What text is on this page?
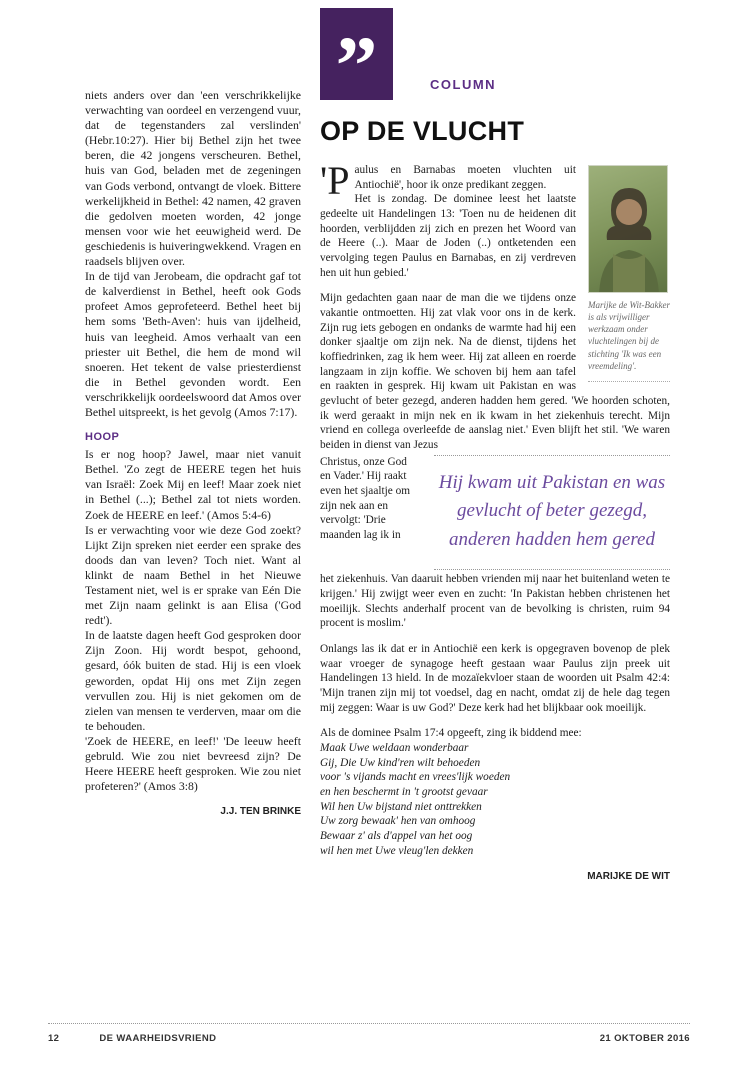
niets anders over dan 'een verschrikkelijke verwachting van oordeel en verzengend vuur, dat de tegenstanders zal verslinden' (Hebr.10:27). Hier bij Bethel zijn het twee beren, die 42 jongens verscheuren. Bethel, huis van God, beladen met de zegeningen van Gods verbond, ontvangt de vloek. Bittere werkelijkheid in Bethel: 42 namen, 42 graven die gedolven moeten worden, 42 jonge mensen voor wie het eeuwigheid werd. De geschiedenis is huiveringwekkend. Vragen en raadsels blijven over.

In de tijd van Jerobeam, die opdracht gaf tot de kalverdienst in Bethel, heeft ook Gods profeet Amos geprofeteerd. Bethel heet bij hem soms 'Beth-Aven': huis van ijdelheid, huis van leegheid. Amos verhaalt van een priester uit Bethel, die hem de mond wil snoeren. Het tekent de valse priesterdienst die in Bethel gevonden wordt. Een verschrikkelijk oordeelswoord dat Amos over Bethel uitspreekt, is het gevolg (Amos 7:17).

HOOP

Is er nog hoop? Jawel, maar niet vanuit Bethel. 'Zo zegt de HEERE tegen het huis van Israël: Zoek Mij en leef! Maar zoek niet in Bethel (...); Bethel zal tot niets worden. Zoek de HEERE en leef.' (Amos 5:4-6)

Is er verwachting voor wie deze God zoekt? Lijkt Zijn spreken niet eerder een sprake des doods dan van leven? Toch niet. Want al klinkt de naam Bethel in het Nieuwe Testament niet, wel is er sprake van Eén Die met Zijn naam gelinkt is aan Elisa ('God redt').

In de laatste dagen heeft God gesproken door Zijn Zoon. Hij wordt bespot, gehoond, gesard, óók buiten de stad. Hij is een vloek geworden, opdat Hij ons met Zijn zegen vervullen zou. Hij is niet gekomen om de zielen van mensen te verderven, maar om die te behouden.

'Zoek de HEERE, en leef!' 'De leeuw heeft gebruld. Wie zou niet bevreesd zijn? De Heere HEERE heeft gesproken. Wie zou niet profeteren?' (Amos 3:8)

J.J. TEN BRINKE
”	COLUMN
OP DE VLUCHT
Marijke de Wit-Bakker is als vrijwilliger werkzaam onder vluchtelingen bij de stichting 'Ik was een vreemdeling'.

'Paulus en Barnabas moeten vluchten uit Antiochië', hoor ik onze predikant zeggen.

Het is zondag. De dominee leest het laatste gedeelte uit Handelingen 13: 'Toen nu de heidenen dit hoorden, verblijdden zij zich en prezen het Woord van de Heere (..). Maar de Joden (..) ontketenden een vervolging tegen Paulus en Barnabas, en zij verdreven hen uit hun gebied.'

Mijn gedachten gaan naar de man die we tijdens onze vakantie ontmoetten. Hij zat vlak voor ons in de kerk. Zijn rug iets gebogen en ondanks de warmte had hij een donker sjaaltje om zijn nek. Na de dienst, tijdens het koffiedrinken, zag ik hem weer. Hij zat alleen en roerde langzaam in zijn koffie. We schoven bij hem aan tafel en raakten in gesprek. Hij kwam uit Pakistan en was gevlucht of beter gezegd, anderen hadden hem gered. 'We hoorden schoten, ik werd geraakt in mijn nek en ik kwam in het ziekenhuis terecht. Mijn vriend en collega overleefde de aanslag niet.' Even blijft het stil. 'We waren beiden in dienst van Jezus

Christus, onze God en Vader.' Hij raakt even het sjaaltje om zijn nek aan en vervolgt: 'Drie maanden lag ik in
Hij kwam uit Pakistan en was gevlucht of beter gezegd, anderen hadden hem gered

het ziekenhuis. Van daaruit hebben vrienden mij naar het buitenland weten te krijgen.' Hij zwijgt weer even en zucht: 'In Pakistan hebben christenen het moeilijk. Slechts anderhalf procent van de bevolking is christen, ruim 94 procent is moslim.'

Onlangs las ik dat er in Antiochië een kerk is opgegraven bovenop de plek waar vroeger de synagoge heeft gestaan waar Paulus zijn preek uit Handelingen 13 hield. In de mozaïekvloer staan de woorden uit Psalm 42:4: 'Mijn tranen zijn mij tot voedsel, dag en nacht, omdat zij de hele dag tegen mij zeggen: Waar is uw God?' Deze kerk had het blijkbaar ook moeilijk.

Als de dominee Psalm 17:4 opgeeft, zing ik biddend mee:

Maak Uwe weldaan wonderbaar
Gij, Die Uw kind'ren wilt behoeden
voor 's vijands macht en vrees'lijk woeden
en hen beschermt in 't grootst gevaar
Wil hen Uw bijstand niet onttrekken
Uw zorg bewaak' hen van omhoog
Bewaar z' als d'appel van het oog
wil hen met Uwe vleug'len dekken
MARIJKE DE WIT
12	DE WAARHEIDSVRIEND	21 OKTOBER 2016
